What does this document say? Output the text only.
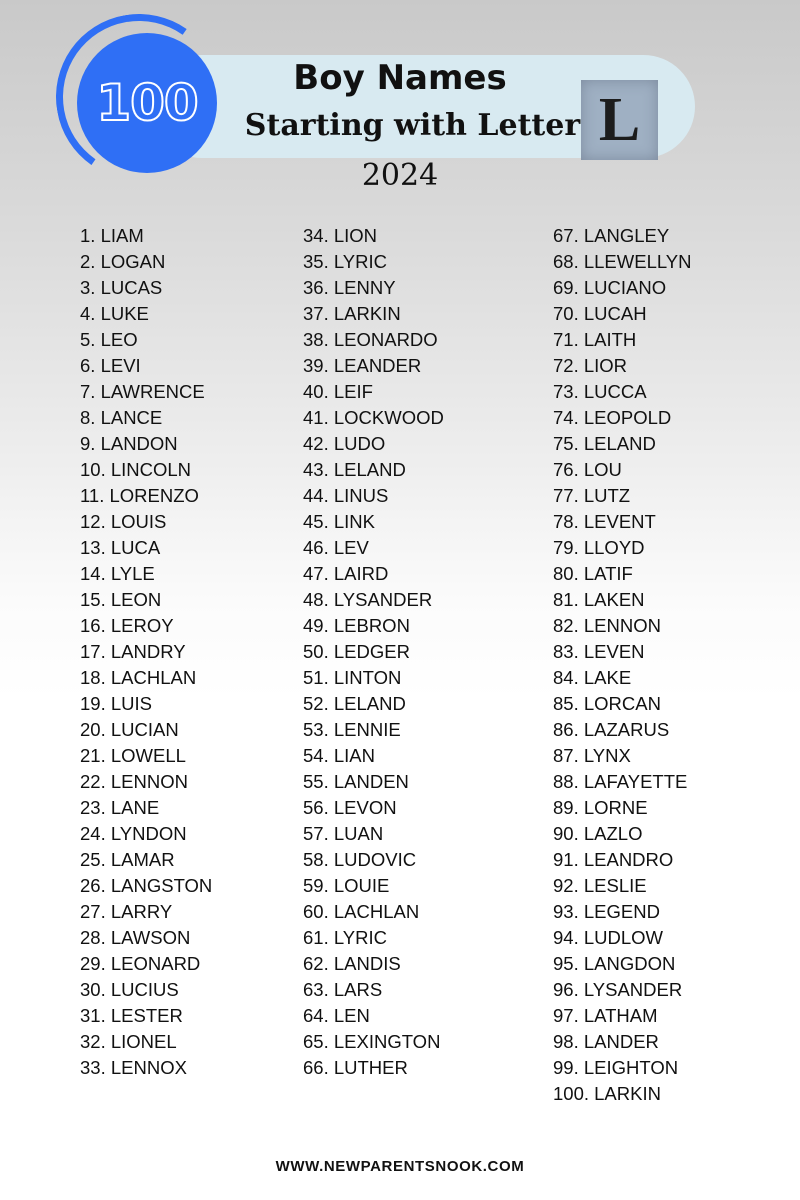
100	Boy Names
Starting with Letter L
2024
1. LIAM
2. LOGAN
3. LUCAS
4. LUKE
5. LEO
6. LEVI
7. LAWRENCE
8. LANCE
9. LANDON
10. LINCOLN
11. LORENZO
12. LOUIS
13. LUCA
14. LYLE
15. LEON
16. LEROY
17. LANDRY
18. LACHLAN
19. LUIS
20. LUCIAN
21. LOWELL
22. LENNON
23. LANE
24. LYNDON
25. LAMAR
26. LANGSTON
27. LARRY
28. LAWSON
29. LEONARD
30. LUCIUS
31. LESTER
32. LIONEL
33. LENNOX
34. LION
35. LYRIC
36. LENNY
37. LARKIN
38. LEONARDO
39. LEANDER
40. LEIF
41. LOCKWOOD
42. LUDO
43. LELAND
44. LINUS
45. LINK
46. LEV
47. LAIRD
48. LYSANDER
49. LEBRON
50. LEDGER
51. LINTON
52. LELAND
53. LENNIE
54. LIAN
55. LANDEN
56. LEVON
57. LUAN
58. LUDOVIC
59. LOUIE
60. LACHLAN
61. LYRIC
62. LANDIS
63. LARS
64. LEN
65. LEXINGTON
66. LUTHER
67. LANGLEY
68. LLEWELLYN
69. LUCIANO
70. LUCAH
71. LAITH
72. LIOR
73. LUCCA
74. LEOPOLD
75. LELAND
76. LOU
77. LUTZ
78. LEVENT
79. LLOYD
80. LATIF
81. LAKEN
82. LENNON
83. LEVEN
84. LAKE
85. LORCAN
86. LAZARUS
87. LYNX
88. LAFAYETTE
89. LORNE
90. LAZLO
91. LEANDRO
92. LESLIE
93. LEGEND
94. LUDLOW
95. LANGDON
96. LYSANDER
97. LATHAM
98. LANDER
99. LEIGHTON
100. LARKIN
WWW.NEWPARENTSNOOK.COM
